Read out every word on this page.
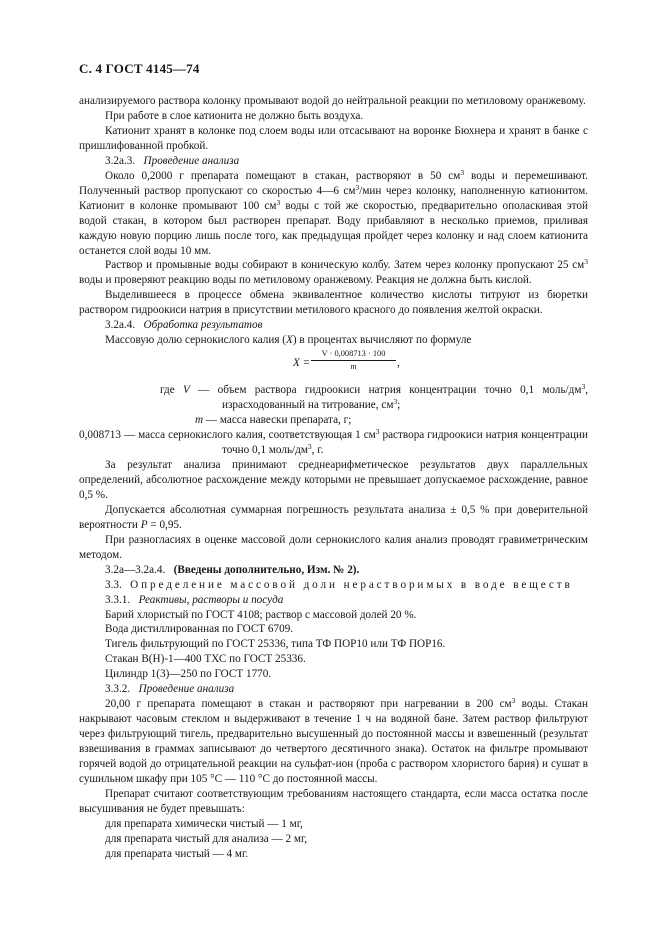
С. 4 ГОСТ 4145—74

анализируемого раствора колонку промывают водой до нейтральной реакции по метиловому оранжевому.

При работе в слое катионита не должно быть воздуха.

Катионит хранят в колонке под слоем воды или отсасывают на воронке Бюхнера и хранят в банке с пришлифованной пробкой.

3.2а.3. Проведение анализа

Около 0,2000 г препарата помещают в стакан, растворяют в 50 $см^3$ воды и перемешивают. Полученный раствор пропускают со скоростью 4—6 $см^3$/мин через колонку, наполненную катионитом. Катионит в колонке промывают 100 $см^3$ воды с той же скоростью, предварительно ополаскивая этой водой стакан, в котором был растворен препарат. Воду прибавляют в несколько приемов, приливая каждую новую порцию лишь после того, как предыдущая пройдет через колонку и над слоем катионита останется слой воды 10 мм.

Раствор и промывные воды собирают в коническую колбу. Затем через колонку пропускают 25 $см^3$ воды и проверяют реакцию воды по метиловому оранжевому. Реакция не должна быть кислой.

Выделившееся в процессе обмена эквивалентное количество кислоты титруют из бюретки раствором гидроокиси натрия в присутствии метилового красного до появления желтой окраски.

3.2а.4. Обработка результатов

Массовую долю сернокислого калия (X) в процентах вычисляют по формуле

$X = \frac{V \cdot 0,008713 \cdot 100}{m}$ ,

где V — объем раствора гидроокиси натрия концентрации точно 0,1 моль/$дм^3$, израсходованный на титрование, $см^3$;

m — масса навески препарата, г;

0,008713 — масса сернокислого калия, соответствующая 1 $см^3$ раствора гидроокиси натрия концентрации точно 0,1 моль/$дм^3$, г.

За результат анализа принимают среднеарифметическое результатов двух параллельных определений, абсолютное расхождение между которыми не превышает допускаемое расхождение, равное 0,5 %.

Допускается абсолютная суммарная погрешность результата анализа ± 0,5 % при доверительной вероятности P = 0,95.

При разногласиях в оценке массовой доли сернокислого калия анализ проводят гравиметрическим методом.

3.2а—3.2а.4. (Введены дополнительно, Изм. № 2).

3.3. Определение массовой доли нерастворимых в воде веществ

3.3.1. Реактивы, растворы и посуда

Барий хлористый по ГОСТ 4108; раствор с массовой долей 20 %.

Вода дистиллированная по ГОСТ 6709.

Тигель фильтрующий по ГОСТ 25336, типа ТФ ПОР10 или ТФ ПОР16.

Стакан В(Н)-1—400 ТХС по ГОСТ 25336.

Цилиндр 1(3)—250 по ГОСТ 1770.

3.3.2. Проведение анализа

20,00 г препарата помещают в стакан и растворяют при нагревании в 200 $см^3$ воды. Стакан накрывают часовым стеклом и выдерживают в течение 1 ч на водяной бане. Затем раствор фильтруют через фильтрующий тигель, предварительно высушенный до постоянной массы и взвешенный (результат взвешивания в граммах записывают до четвертого десятичного знака). Остаток на фильтре промывают горячей водой до отрицательной реакции на сульфат-ион (проба с раствором хлористого бария) и сушат в сушильном шкафу при 105 °С — 110 °С до постоянной массы.

Препарат считают соответствующим требованиям настоящего стандарта, если масса остатка после высушивания не будет превышать:

для препарата химически чистый — 1 мг,

для препарата чистый для анализа — 2 мг,

для препарата чистый — 4 мг.
